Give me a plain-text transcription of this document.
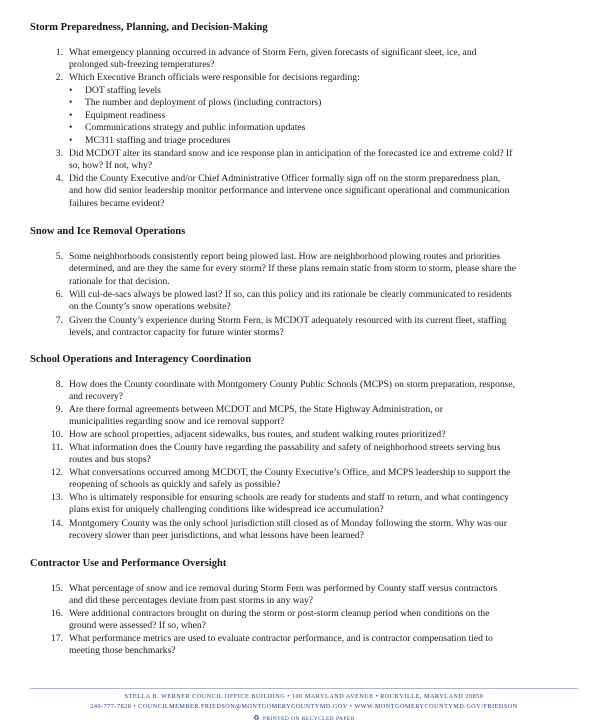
Storm Preparedness, Planning, and Decision-Making
1. What emergency planning occurred in advance of Storm Fern, given forecasts of significant sleet, ice, and
prolonged sub-freezing temperatures?
2. Which Executive Branch officials were responsible for decisions regarding:
• DOT staffing levels
• The number and deployment of plows (including contractors)
• Equipment readiness
• Communications strategy and public information updates
• MC311 staffing and triage procedures
3. Did MCDOT alter its standard snow and ice response plan in anticipation of the forecasted ice and extreme cold? If
so, how? If not, why?
4. Did the County Executive and/or Chief Administrative Officer formally sign off on the storm preparedness plan,
and how did senior leadership monitor performance and intervene once significant operational and communication
failures became evident?
Snow and Ice Removal Operations
5. Some neighborhoods consistently report being plowed last. How are neighborhood plowing routes and priorities
determined, and are they the same for every storm? If these plans remain static from storm to storm, please share the
rationale for that decision.
6. Will cul-de-sacs always be plowed last? If so, can this policy and its rationale be clearly communicated to residents
on the County’s snow operations website?
7. Given the County’s experience during Storm Fern, is MCDOT adequately resourced with its current fleet, staffing
levels, and contractor capacity for future winter storms?
School Operations and Interagency Coordination
8. How does the County coordinate with Montgomery County Public Schools (MCPS) on storm preparation, response,
and recovery?
9. Are there formal agreements between MCDOT and MCPS, the State Highway Administration, or
municipalities regarding snow and ice removal support?
10. How are school properties, adjacent sidewalks, bus routes, and student walking routes prioritized?
11. What information does the County have regarding the passability and safety of neighborhood streets serving bus
routes and bus stops?
12. What conversations occurred among MCDOT, the County Executive’s Office, and MCPS leadership to support the
reopening of schools as quickly and safely as possible?
13. Who is ultimately responsible for ensuring schools are ready for students and staff to return, and what contingency
plans exist for uniquely challenging conditions like widespread ice accumulation?
14. Montgomery County was the only school jurisdiction still closed as of Monday following the storm. Why was our
recovery slower than peer jurisdictions, and what lessons have been learned?
Contractor Use and Performance Oversight
15. What percentage of snow and ice removal during Storm Fern was performed by County staff versus contractors
and did these percentages deviate from past storms in any way?
16. Were additional contractors brought on during the storm or post-storm cleanup period when conditions on the
ground were assessed? If so, when?
17. What performance metrics are used to evaluate contractor performance, and is contractor compensation tied to
meeting those benchmarks?
STELLA B. WERNER COUNCIL OFFICE BUILDING • 100 MARYLAND AVENUE • ROCKVILLE, MARYLAND 20850
240-777-7828 • COUNCILMEMBER.FRIEDSON@MONTGOMERYCOUNTYMD.GOV • WWW.MONTGOMERYCOUNTYMD.GOV/FRIEDSON
♻ PRINTED ON RECYCLED PAPER
